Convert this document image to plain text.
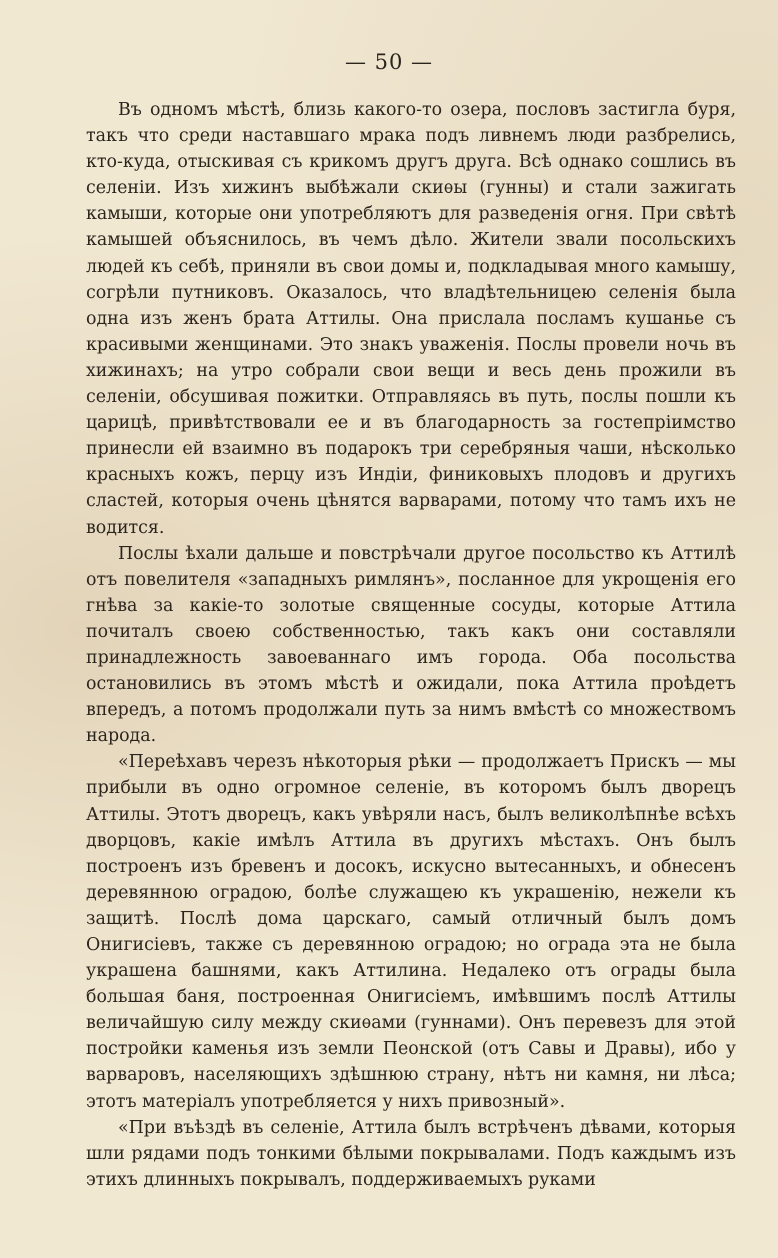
— 50 —

Въ одномъ мѣстѣ, близь какого-то озера, пословъ застигла буря, такъ что среди наставшаго мрака подъ ливнемъ люди разбрелись, кто-куда, отыскивая съ крикомъ другъ друга. Всѣ однако сошлись въ селеніи. Изъ хижинъ выбѣжали скиѳы (гунны) и стали зажигать камыши, которые они употребляютъ для разведенія огня. При свѣтѣ камышей объяснилось, въ чемъ дѣло. Жители звали посольскихъ людей къ себѣ, приняли въ свои домы и, подкладывая много камышу, согрѣли путниковъ. Оказалось, что владѣтельницею селенія была одна изъ женъ брата Аттилы. Она прислала посламъ кушанье съ красивыми женщинами. Это знакъ уваженія. Послы провели ночь въ хижинахъ; на утро собрали свои вещи и весь день прожили въ селеніи, обсушивая пожитки. Отправляясь въ путь, послы пошли къ царицѣ, привѣтствовали ее и въ благодарность за гостепріимство принесли ей взаимно въ подарокъ три серебряныя чаши, нѣсколько красныхъ кожъ, перцу изъ Индіи, финиковыхъ плодовъ и другихъ сластей, которыя очень цѣнятся варварами, потому что тамъ ихъ не водится.

Послы ѣхали дальше и повстрѣчали другое посольство къ Аттилѣ отъ повелителя «западныхъ римлянъ», посланное для укрощенія его гнѣва за какіе-то золотые священные сосуды, которые Аттила почиталъ своею собственностью, такъ какъ они составляли принадлежность завоеваннаго имъ города. Оба посольства остановились въ этомъ мѣстѣ и ожидали, пока Аттила проѣдетъ впередъ, а потомъ продолжали путь за нимъ вмѣстѣ со множествомъ народа.

«Переѣхавъ черезъ нѣкоторыя рѣки — продолжаетъ Прискъ — мы прибыли въ одно огромное селеніе, въ которомъ былъ дворецъ Аттилы. Этотъ дворецъ, какъ увѣряли насъ, былъ великолѣпнѣе всѣхъ дворцовъ, какіе имѣлъ Аттила въ другихъ мѣстахъ. Онъ былъ построенъ изъ бревенъ и досокъ, искусно вытесанныхъ, и обнесенъ деревянною оградою, болѣе служащею къ украшенію, нежели къ защитѣ. Послѣ дома царскаго, самый отличный былъ домъ Онигисіевъ, также съ деревянною оградою; но ограда эта не была украшена башнями, какъ Аттилина. Недалеко отъ ограды была большая баня, построенная Онигисіемъ, имѣвшимъ послѣ Аттилы величайшую силу между скиѳами (гуннами). Онъ перевезъ для этой постройки каменья изъ земли Пеонской (отъ Савы и Дравы), ибо у варваровъ, населяющихъ здѣшнюю страну, нѣтъ ни камня, ни лѣса; этотъ матеріалъ употребляется у нихъ привозный».

«При въѣздѣ въ селеніе, Аттила былъ встрѣченъ дѣвами, которыя шли рядами подъ тонкими бѣлыми покрывалами. Подъ каждымъ изъ этихъ длинныхъ покрывалъ, поддерживаемыхъ руками
